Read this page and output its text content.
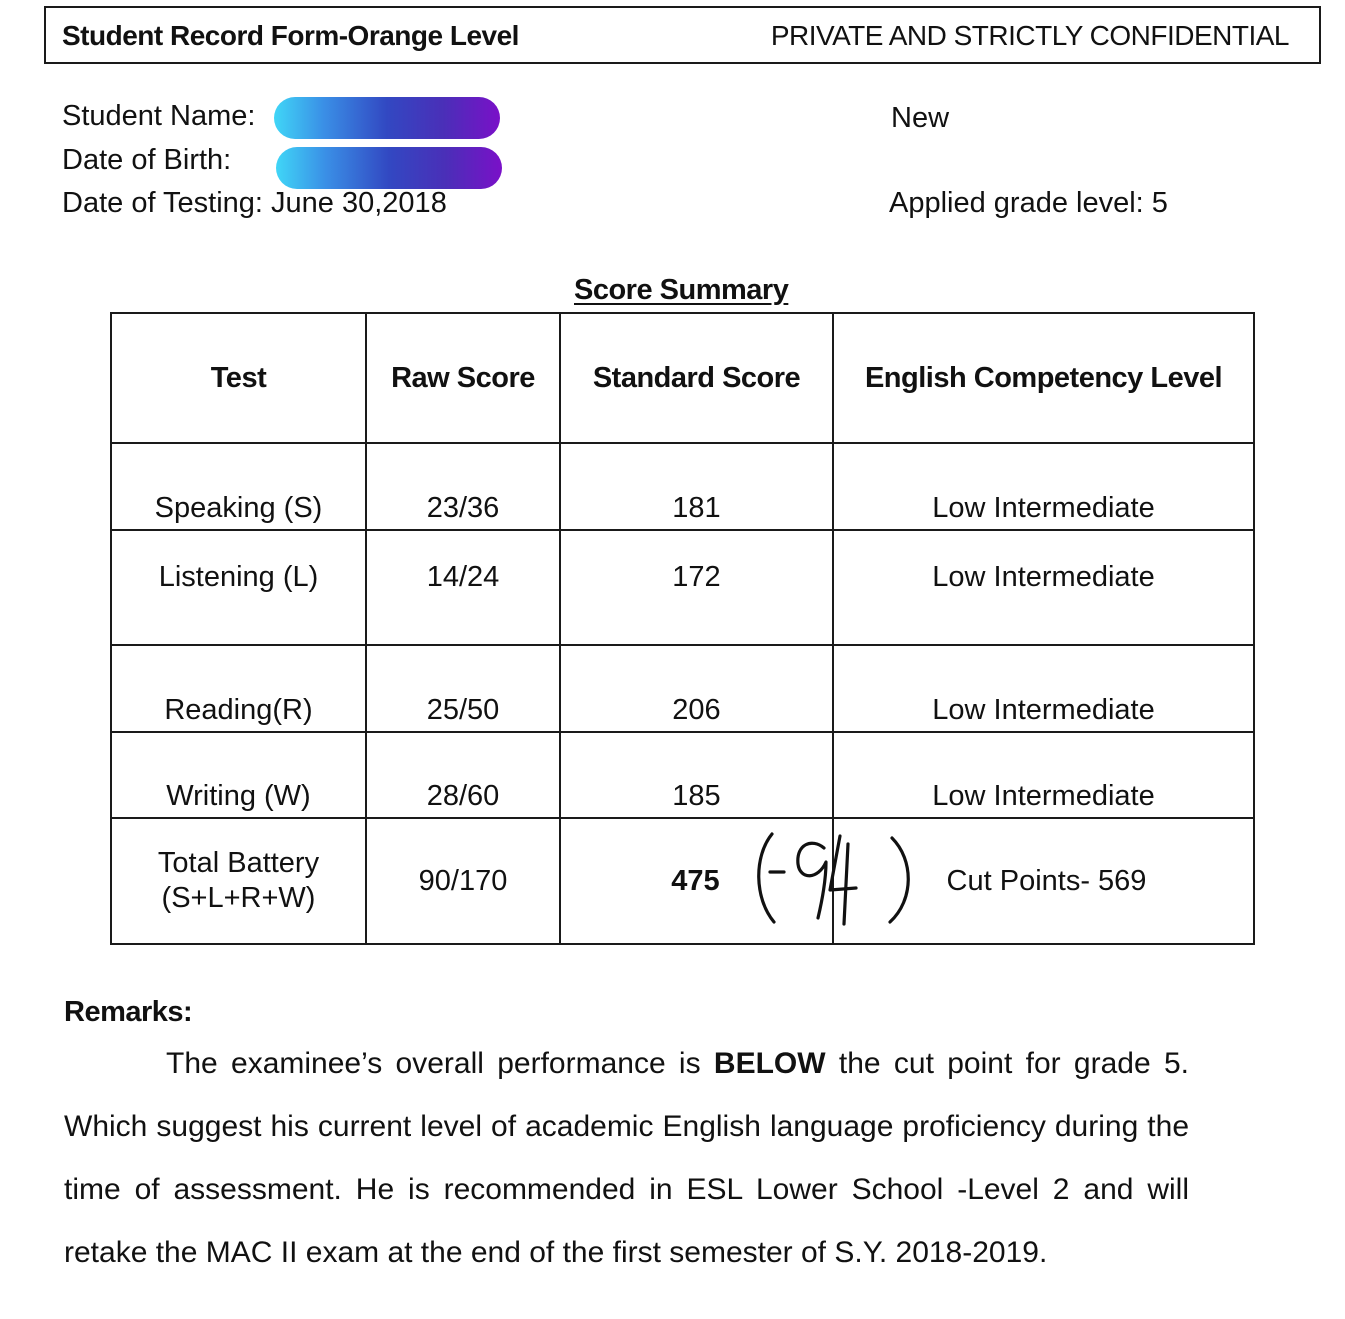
Student Record Form-Orange Level	PRIVATE AND STRICTLY CONFIDENTIAL
Student Name:
Date of Birth:
Date of Testing: June 30,2018
New
Applied grade level: 5
Score Summary
Test	Raw Score	Standard Score	English Competency Level
Speaking (S)	23/36	181	Low Intermediate
Listening (L)	14/24	172	Low Intermediate
Reading(R)	25/50	206	Low Intermediate
Writing (W)	28/60	185	Low Intermediate

Total Battery
(S+L+R+W)	90/170	475	Cut Points- 569
Remarks:

The examinee’s overall performance is BELOW the cut point for grade 5. Which suggest his current level of academic English language proficiency during the time of assessment. He is recommended in ESL Lower School -Level 2 and will retake the MAC II exam at the end of the first semester of S.Y. 2018-2019.
